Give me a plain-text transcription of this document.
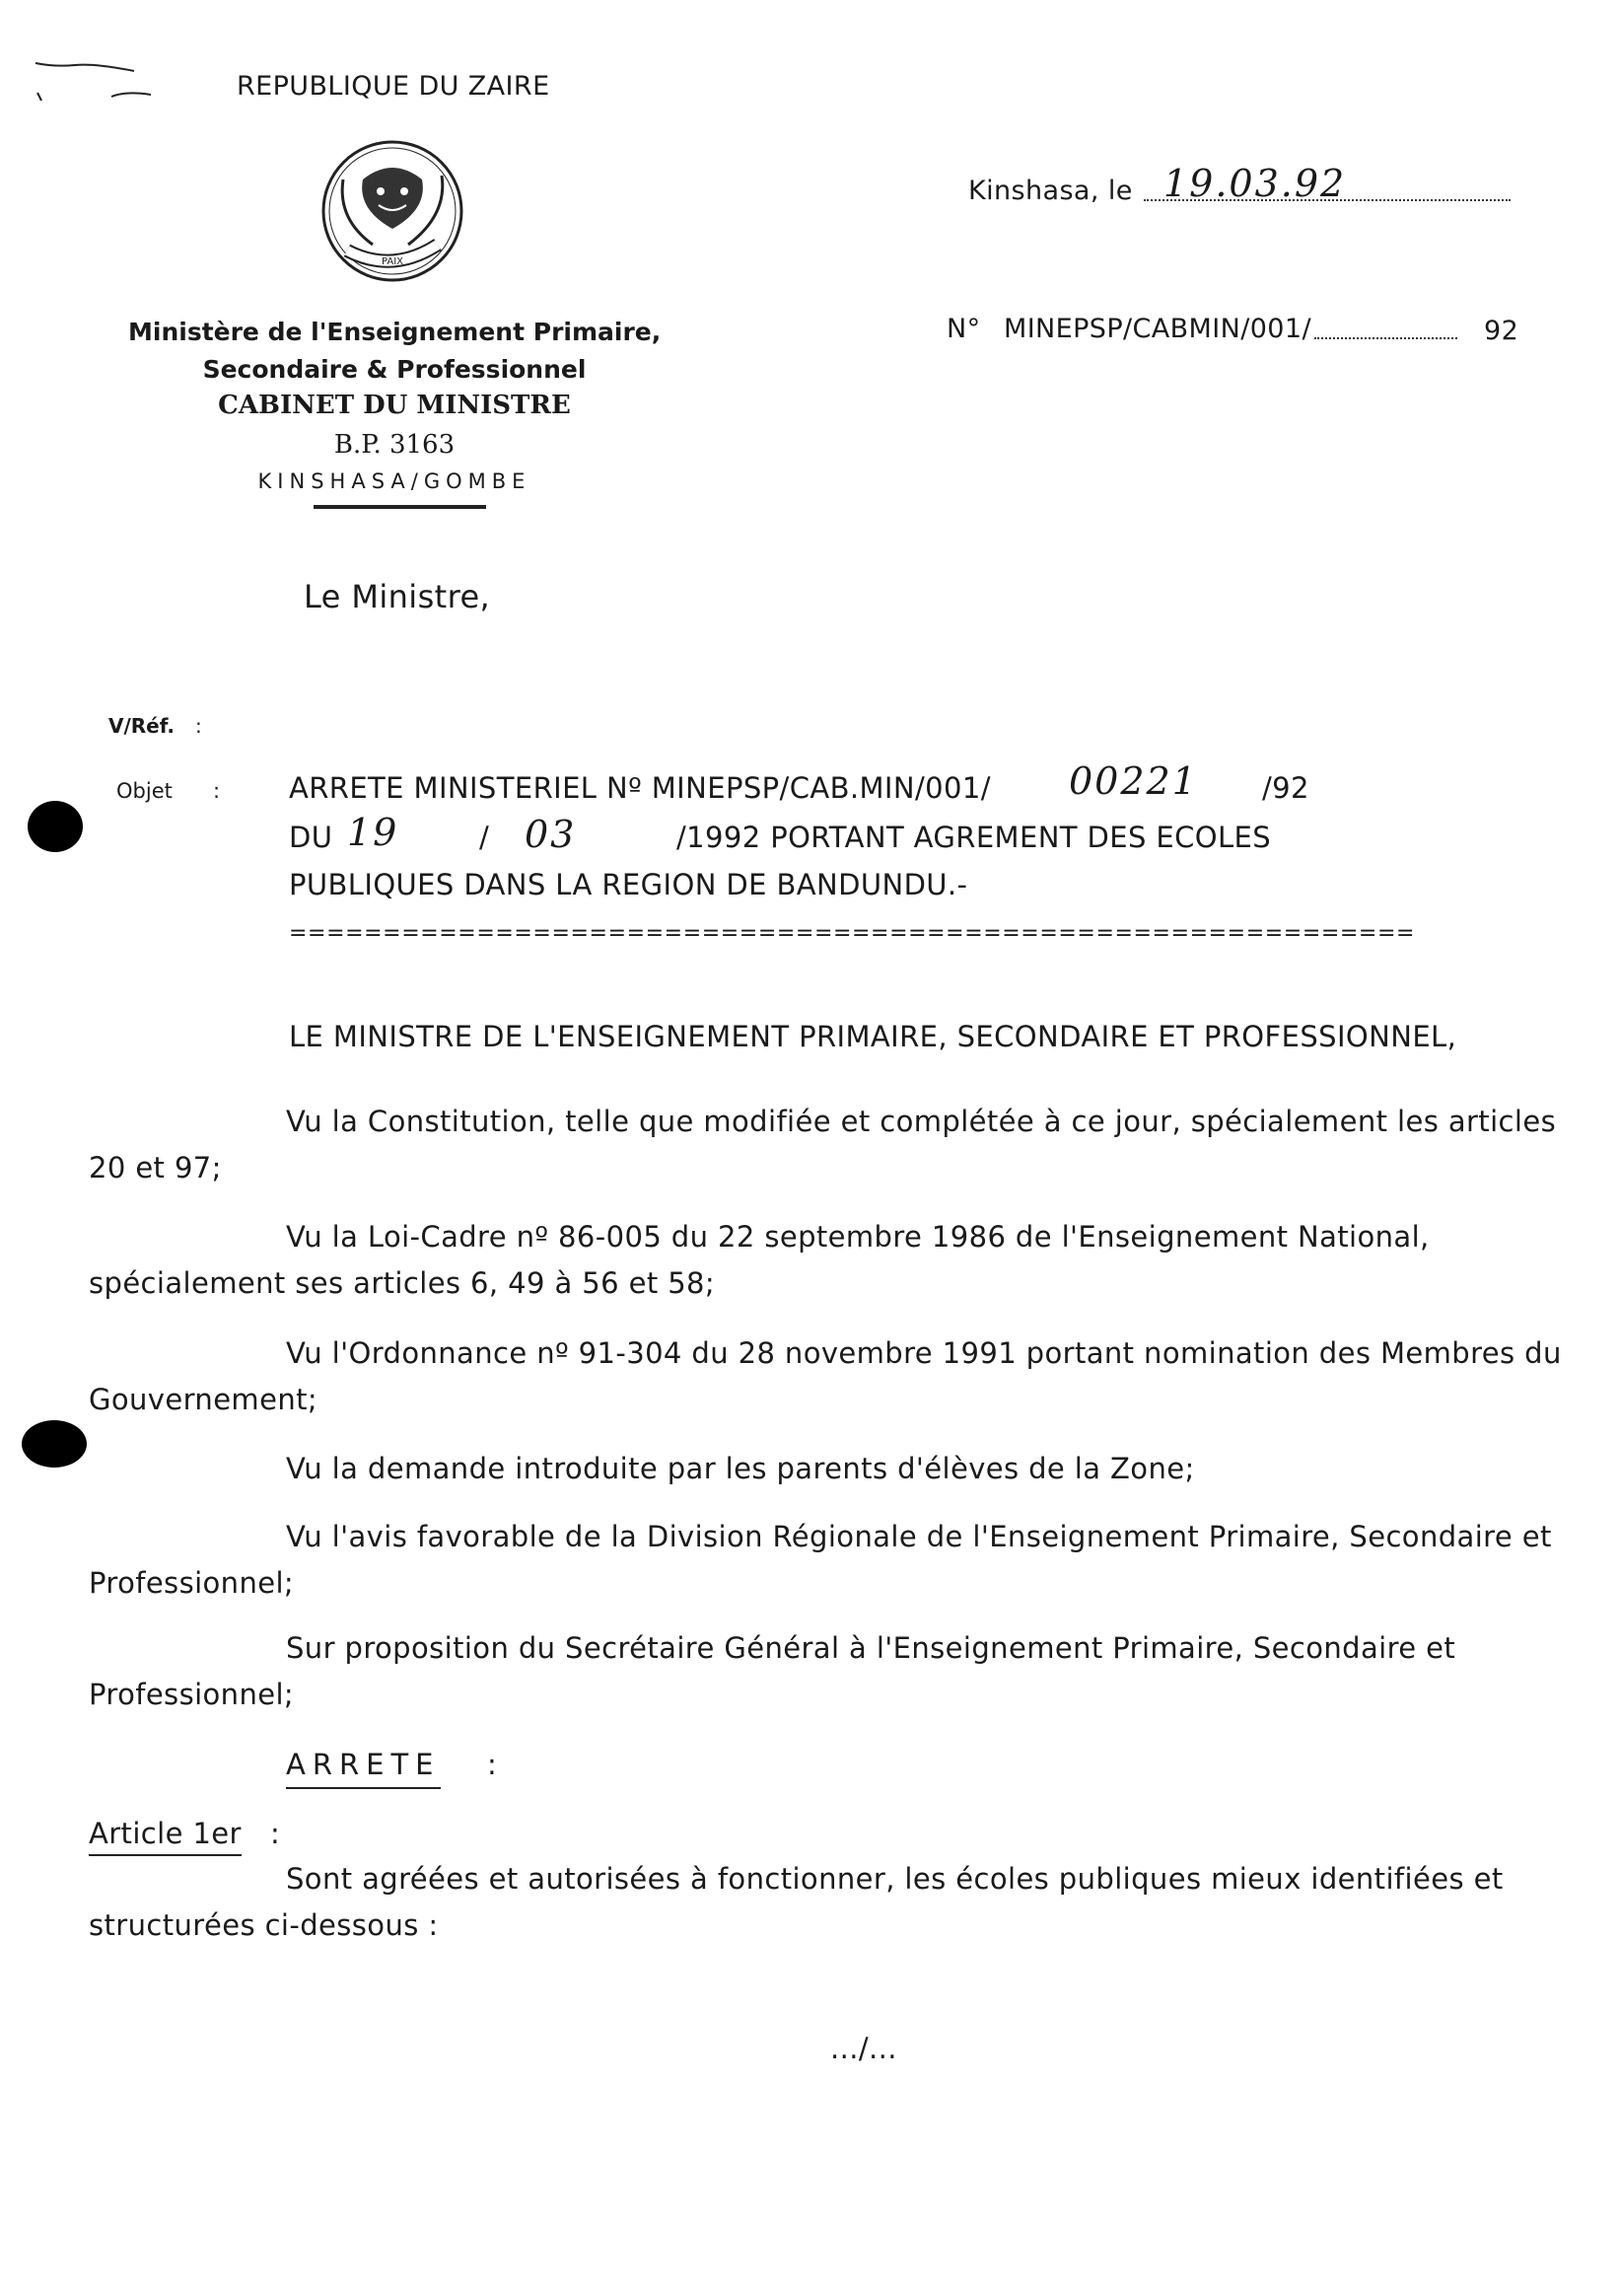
REPUBLIQUE DU ZAIRE
PAIX
Ministère de l'Enseignement Primaire,
Secondaire & Professionnel
CABINET DU MINISTRE
B.P. 3163
KINSHASA/GOMBE
Kinshasa, le 19.03.92
N° MINEPSP/CABMIN/001/	92
Le Ministre,
V/Réf. :
Objet : ARRETE MINISTERIEL Nº MINEPSP/CAB.MIN/001/ 00221 /92
DU 19	/ 03	/1992 PORTANT AGREMENT DES ECOLES
PUBLIQUES DANS LA REGION DE BANDUNDU.-
============================================================
LE MINISTRE DE L'ENSEIGNEMENT PRIMAIRE, SECONDAIRE ET PROFESSIONNEL,
Vu la Constitution, telle que modifiée et complétée à ce jour, spécialement les articles 20 et 97;
Vu la Loi-Cadre nº 86-005 du 22 septembre 1986 de l'Enseignement National, spécialement ses articles 6, 49 à 56 et 58;
Vu l'Ordonnance nº 91-304 du 28 novembre 1991 portant nomination des Membres du Gouvernement;
Vu la demande introduite par les parents d'élèves de la Zone;
Vu l'avis favorable de la Division Régionale de l'Enseignement Primaire, Secondaire et Professionnel;
Sur proposition du Secrétaire Général à l'Enseignement Primaire, Secondaire et Professionnel;
ARRETE :
Article 1er :
Sont agréées et autorisées à fonctionner, les écoles publiques mieux identifiées et structurées ci-dessous :
.../...
